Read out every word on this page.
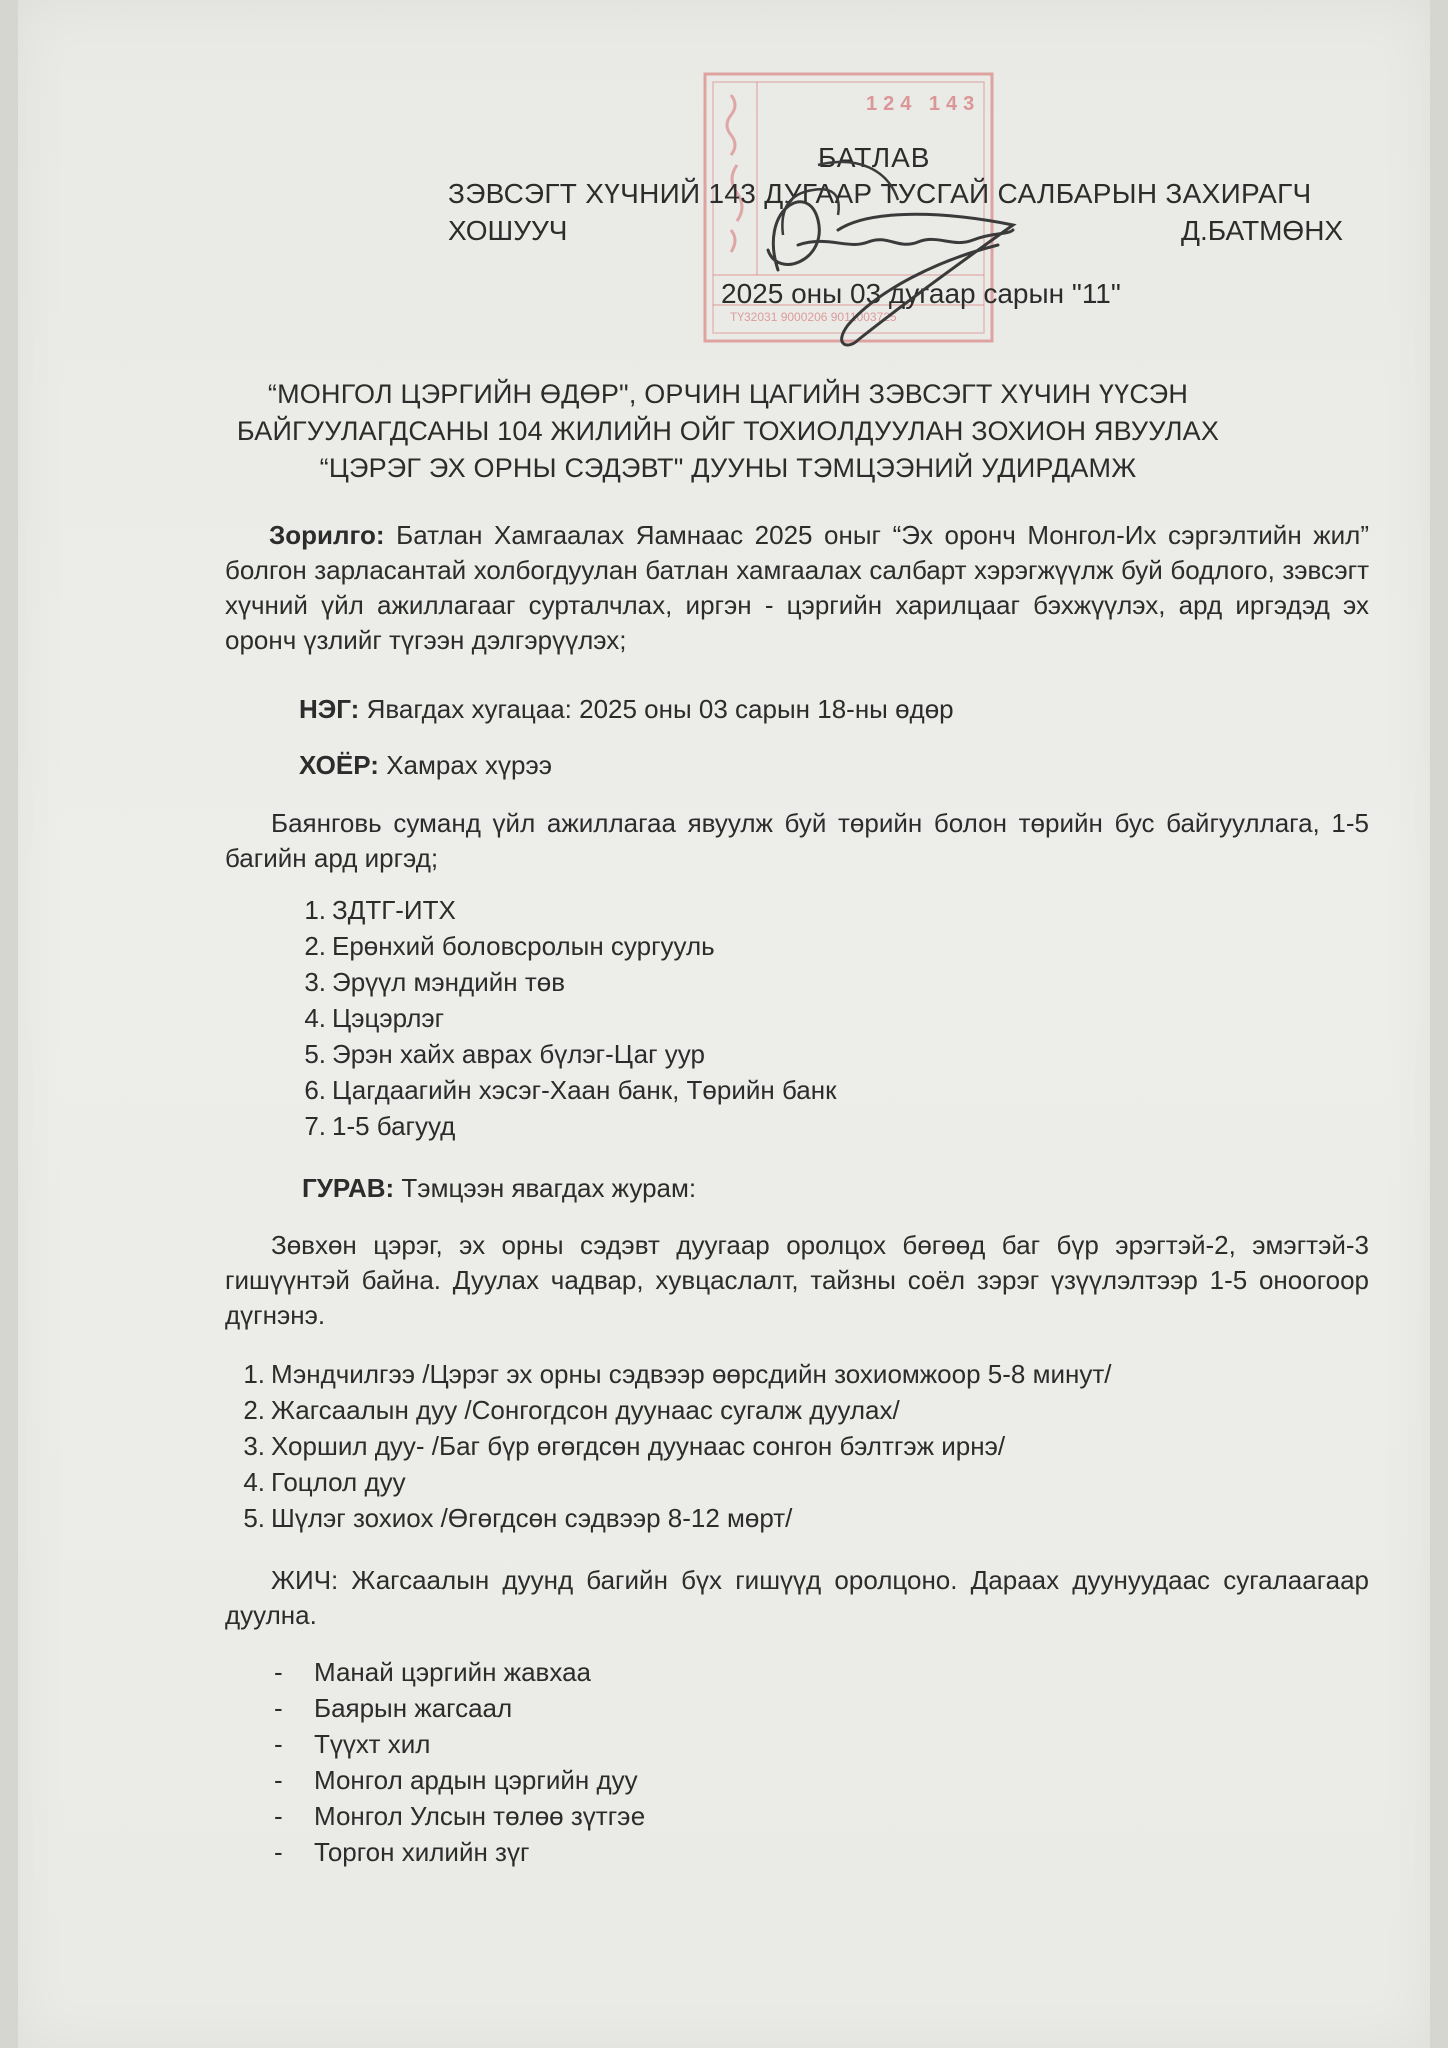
124 143
ТҮ32031 9000206 9011003725
БАТЛАВ
ЗЭВСЭГТ ХҮЧНИЙ 143 ДУГААР ТУСГАЙ САЛБАРЫН ЗАХИРАГЧ
ХОШУУЧ	Д.БАТМӨНХ
2025 оны 03 дугаар сарын "11"
“МОНГОЛ ЦЭРГИЙН ӨДӨР", ОРЧИН ЦАГИЙН ЗЭВСЭГТ ХҮЧИН ҮҮСЭН
БАЙГУУЛАГДСАНЫ 104 ЖИЛИЙН ОЙГ ТОХИОЛДУУЛАН ЗОХИОН ЯВУУЛАХ
“ЦЭРЭГ ЭХ ОРНЫ СЭДЭВТ" ДУУНЫ ТЭМЦЭЭНИЙ УДИРДАМЖ
Зорилго: Батлан Хамгаалах Яамнаас 2025 оныг “Эх оронч Монгол-Их сэргэлтийн жил” болгон зарласантай холбогдуулан батлан хамгаалах салбарт хэрэгжүүлж буй бодлого, зэвсэгт хүчний үйл ажиллагааг сурталчлах, иргэн - цэргийн харилцааг бэхжүүлэх, ард иргэдэд эх оронч үзлийг түгээн дэлгэрүүлэх;
НЭГ: Явагдах хугацаа: 2025 оны 03 сарын 18-ны өдөр
ХОЁР: Хамрах хүрээ
Баянговь суманд үйл ажиллагаа явуулж буй төрийн болон төрийн бус байгууллага, 1-5 багийн ард иргэд;
1. ЗДТГ-ИТХ
2. Ерөнхий боловсролын сургууль
3. Эрүүл мэндийн төв
4. Цэцэрлэг
5. Эрэн хайх аврах бүлэг-Цаг уур
6. Цагдаагийн хэсэг-Хаан банк, Төрийн банк
7. 1-5 багууд
ГУРАВ: Тэмцээн явагдах журам:
Зөвхөн цэрэг, эх орны сэдэвт дуугаар оролцох бөгөөд баг бүр эрэгтэй-2, эмэгтэй-3 гишүүнтэй байна. Дуулах чадвар, хувцаслалт, тайзны соёл зэрэг үзүүлэлтээр 1-5 оноогоор дүгнэнэ.
1. Мэндчилгээ /Цэрэг эх орны сэдвээр өөрсдийн зохиомжоор 5-8 минут/
2. Жагсаалын дуу /Сонгогдсон дуунаас сугалж дуулах/
3. Хоршил дуу- /Баг бүр өгөгдсөн дуунаас сонгон бэлтгэж ирнэ/
4. Гоцлол дуу
5. Шүлэг зохиох /Өгөгдсөн сэдвээр 8-12 мөрт/
ЖИЧ: Жагсаалын дуунд багийн бүх гишүүд оролцоно. Дараах дуунуудаас сугалаагаар дуулна.
-	Манай цэргийн жавхаа
-	Баярын жагсаал
-	Түүхт хил
-	Монгол ардын цэргийн дуу
-	Монгол Улсын төлөө зүтгэе
-	Торгон хилийн зүг
